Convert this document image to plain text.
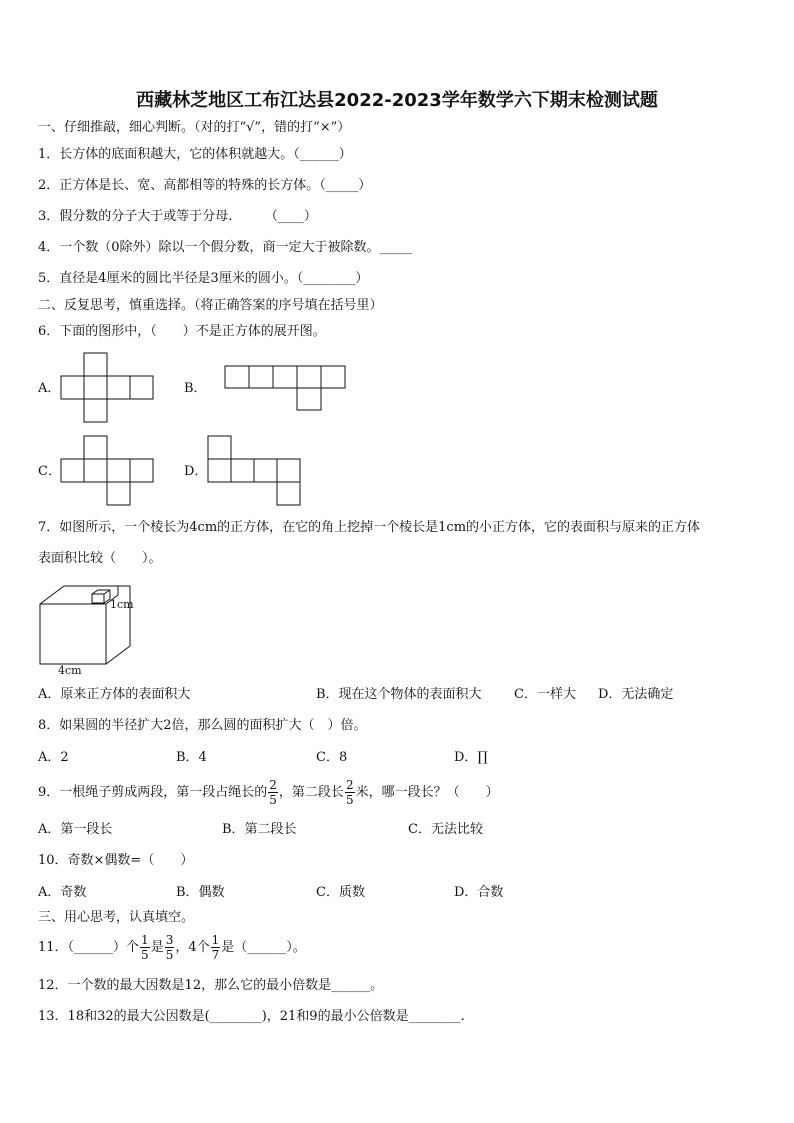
西藏林芝地区工布江达县2022-2023学年数学六下期末检测试题
一、仔细推敲，细心判断。（对的打“√”，错的打“×”）
1．长方体的底面积越大，它的体积就越大。（______）
2．正方体是长、宽、高都相等的特殊的长方体。（_____）
3．假分数的分子大于或等于分母.　　　（____）
4．一个数（0除外）除以一个假分数，商一定大于被除数。_____
5．直径是4厘米的圆比半径是3厘米的圆小。（________）
二、反复思考，慎重选择。（将正确答案的序号填在括号里）
6．下面的图形中，（　　）不是正方体的展开图。
A．	B．
C．	D．
7．如图所示，一个棱长为4cm的正方体，在它的角上挖掉一个棱长是1cm的小正方体，它的表面积与原来的正方体
表面积比较（　　）。
1cm
4cm
A．原来正方体的表面积大	B．现在这个物体的表面积大 C．一样大 D．无法确定
8．如果圆的半径扩大2倍，那么圆的面积扩大（　）倍。
A．2	B．4	C．8	D．∏
9．一根绳子剪成两段，第一段占绳长的 $\frac{2}{5}$ ，第二段长 $\frac{2}{5}$ 米，哪一段长？（　　）
A．第一段长	B．第二段长	C．无法比较
10．奇数×偶数=（　　）
A．奇数	B．偶数	C．质数	D．合数
三、用心思考，认真填空。
11．（______）个 $\frac{1}{5}$ 是 $\frac{3}{5}$ ，4个 $\frac{1}{7}$ 是（______）。
12．一个数的最大因数是12，那么它的最小倍数是______。
13．18和32的最大公因数是(________)，21和9的最小公倍数是________.
